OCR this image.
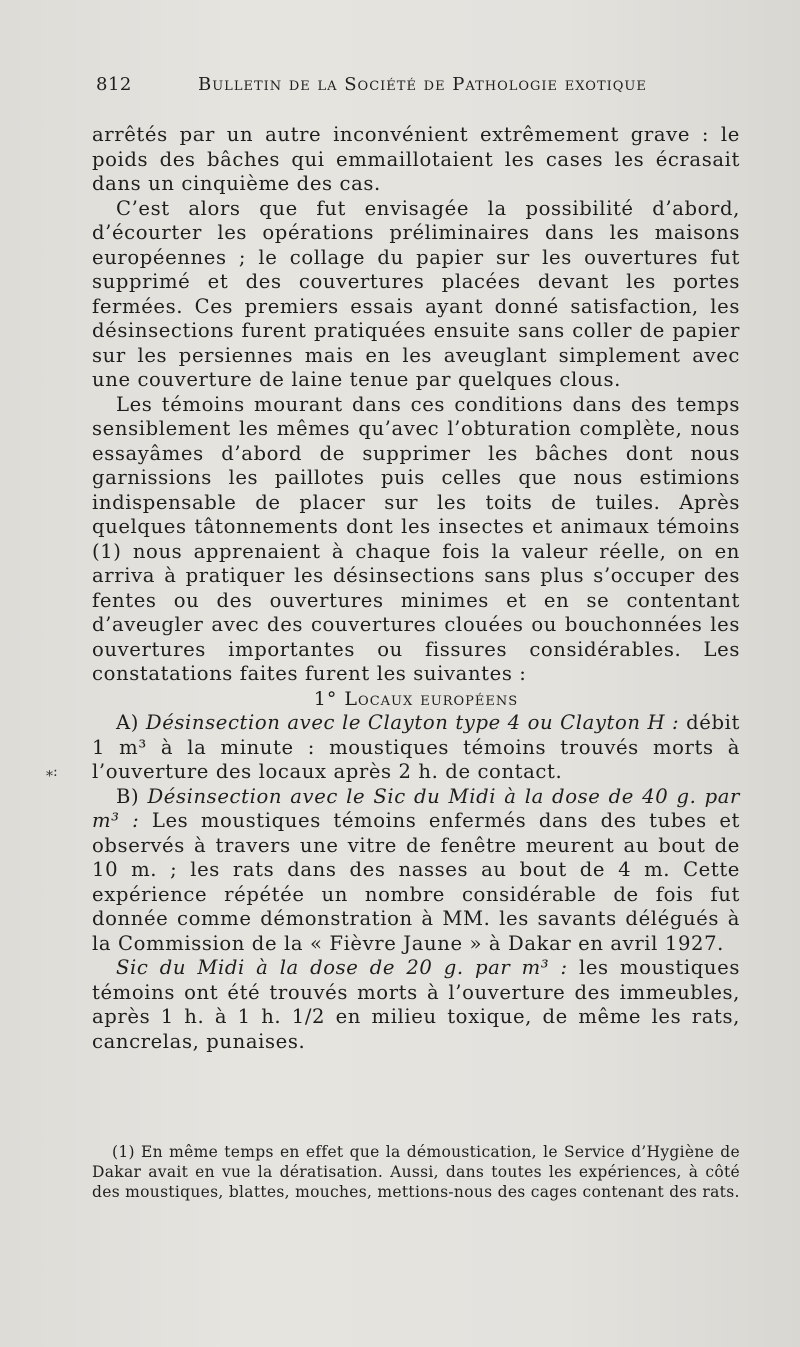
812	Bulletin de la Société de Pathologie exotique
⁎:

arrêtés par un autre inconvénient extrêmement grave : le poids des bâches qui emmaillotaient les cases les écrasait dans un cinquième des cas.

C’est alors que fut envisagée la possibilité d’abord, d’écourter les opérations préliminaires dans les maisons européennes ; le collage du papier sur les ouvertures fut supprimé et des couvertures placées devant les portes fermées. Ces premiers essais ayant donné satisfaction, les désinsections furent pratiquées ensuite sans coller de papier sur les persiennes mais en les aveuglant simplement avec une couverture de laine tenue par quelques clous.

Les témoins mourant dans ces conditions dans des temps sensiblement les mêmes qu’avec l’obturation complète, nous essayâmes d’abord de supprimer les bâches dont nous garnissions les paillotes puis celles que nous estimions indispensable de placer sur les toits de tuiles. Après quelques tâtonnements dont les insectes et animaux témoins (1) nous apprenaient à chaque fois la valeur réelle, on en arriva à pratiquer les désinsections sans plus s’occuper des fentes ou des ouvertures minimes et en se contentant d’aveugler avec des couvertures clouées ou bouchonnées les ouvertures importantes ou fissures considérables. Les constatations faites furent les suivantes :

1° Locaux européens

A) Désinsection avec le Clayton type 4 ou Clayton H : débit 1 m³ à la minute : moustiques témoins trouvés morts à l’ouverture des locaux après 2 h. de contact.

B) Désinsection avec le Sic du Midi à la dose de 40 g. par m³ : Les moustiques témoins enfermés dans des tubes et observés à travers une vitre de fenêtre meurent au bout de 10 m. ; les rats dans des nasses au bout de 4 m. Cette expérience répétée un nombre considérable de fois fut donnée comme démonstration à MM. les savants délégués à la Commission de la « Fièvre Jaune » à Dakar en avril 1927.

Sic du Midi à la dose de 20 g. par m³ : les moustiques témoins ont été trouvés morts à l’ouverture des immeubles, après 1 h. à 1 h. 1/2 en milieu toxique, de même les rats, cancrelas, punaises.

(1) En même temps en effet que la démoustication, le Service d’Hygiène de Dakar avait en vue la dératisation. Aussi, dans toutes les expériences, à côté des moustiques, blattes, mouches, mettions-nous des cages contenant des rats.
